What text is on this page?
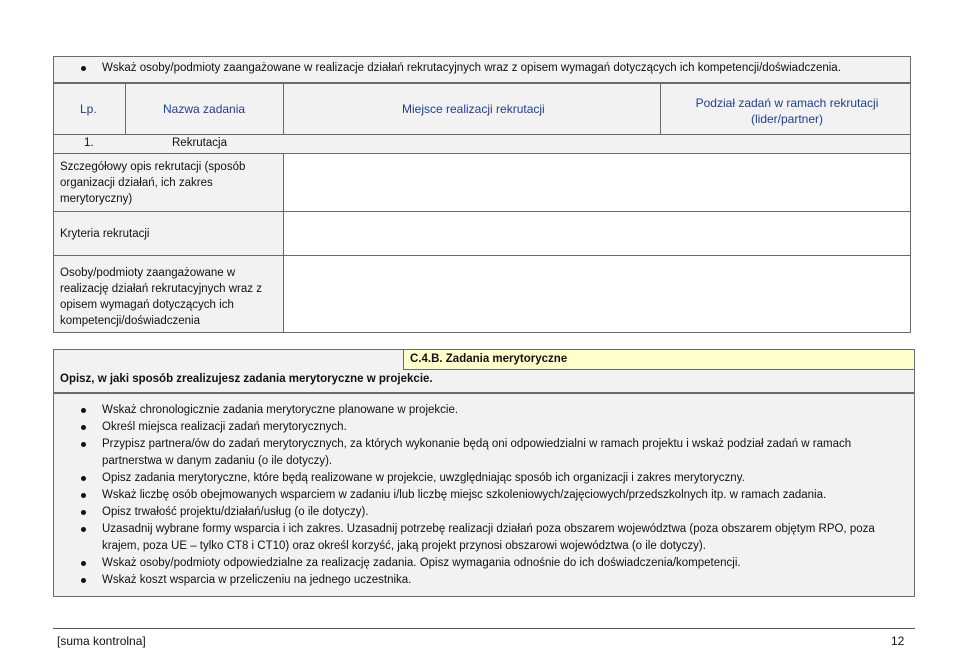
Wskaż osoby/podmioty zaangażowane w realizacje działań rekrutacyjnych wraz z opisem wymagań dotyczących ich kompetencji/doświadczenia.
Lp.	Nazwa zadania	Miejsce realizacji rekrutacji	Podział zadań w ramach rekrutacji
(lider/partner)
1.	Rekrutacja
Szczegółowy opis rekrutacji (sposób organizacji działań, ich zakres merytoryczny)
Kryteria rekrutacji
Osoby/podmioty zaangażowane w realizację działań rekrutacyjnych wraz z opisem wymagań dotyczących ich kompetencji/doświadczenia
C.4.B. Zadania merytoryczne
Opisz, w jaki sposób zrealizujesz zadania merytoryczne w projekcie.
Wskaż chronologicznie zadania merytoryczne planowane w projekcie.
Określ miejsca realizacji zadań merytorycznych.
Przypisz partnera/ów do zadań merytorycznych, za których wykonanie będą oni odpowiedzialni w ramach projektu i wskaż podział zadań w ramach partnerstwa w danym zadaniu (o ile dotyczy).
Opisz zadania merytoryczne, które będą realizowane w projekcie, uwzględniając sposób ich organizacji i zakres merytoryczny.
Wskaż liczbę osób obejmowanych wsparciem w zadaniu i/lub liczbę miejsc szkoleniowych/zajęciowych/przedszkolnych itp. w ramach zadania.
Opisz trwałość projektu/działań/usług (o ile dotyczy).
Uzasadnij wybrane formy wsparcia i ich zakres. Uzasadnij potrzebę realizacji działań poza obszarem województwa (poza obszarem objętym RPO, poza krajem, poza UE – tylko CT8 i CT10) oraz określ korzyść, jaką projekt przynosi obszarowi województwa (o ile dotyczy).
Wskaż osoby/podmioty odpowiedzialne za realizację zadania. Opisz wymagania odnośnie do ich doświadczenia/kompetencji.
Wskaż koszt wsparcia w przeliczeniu na jednego uczestnika.
[suma kontrolna]	12
